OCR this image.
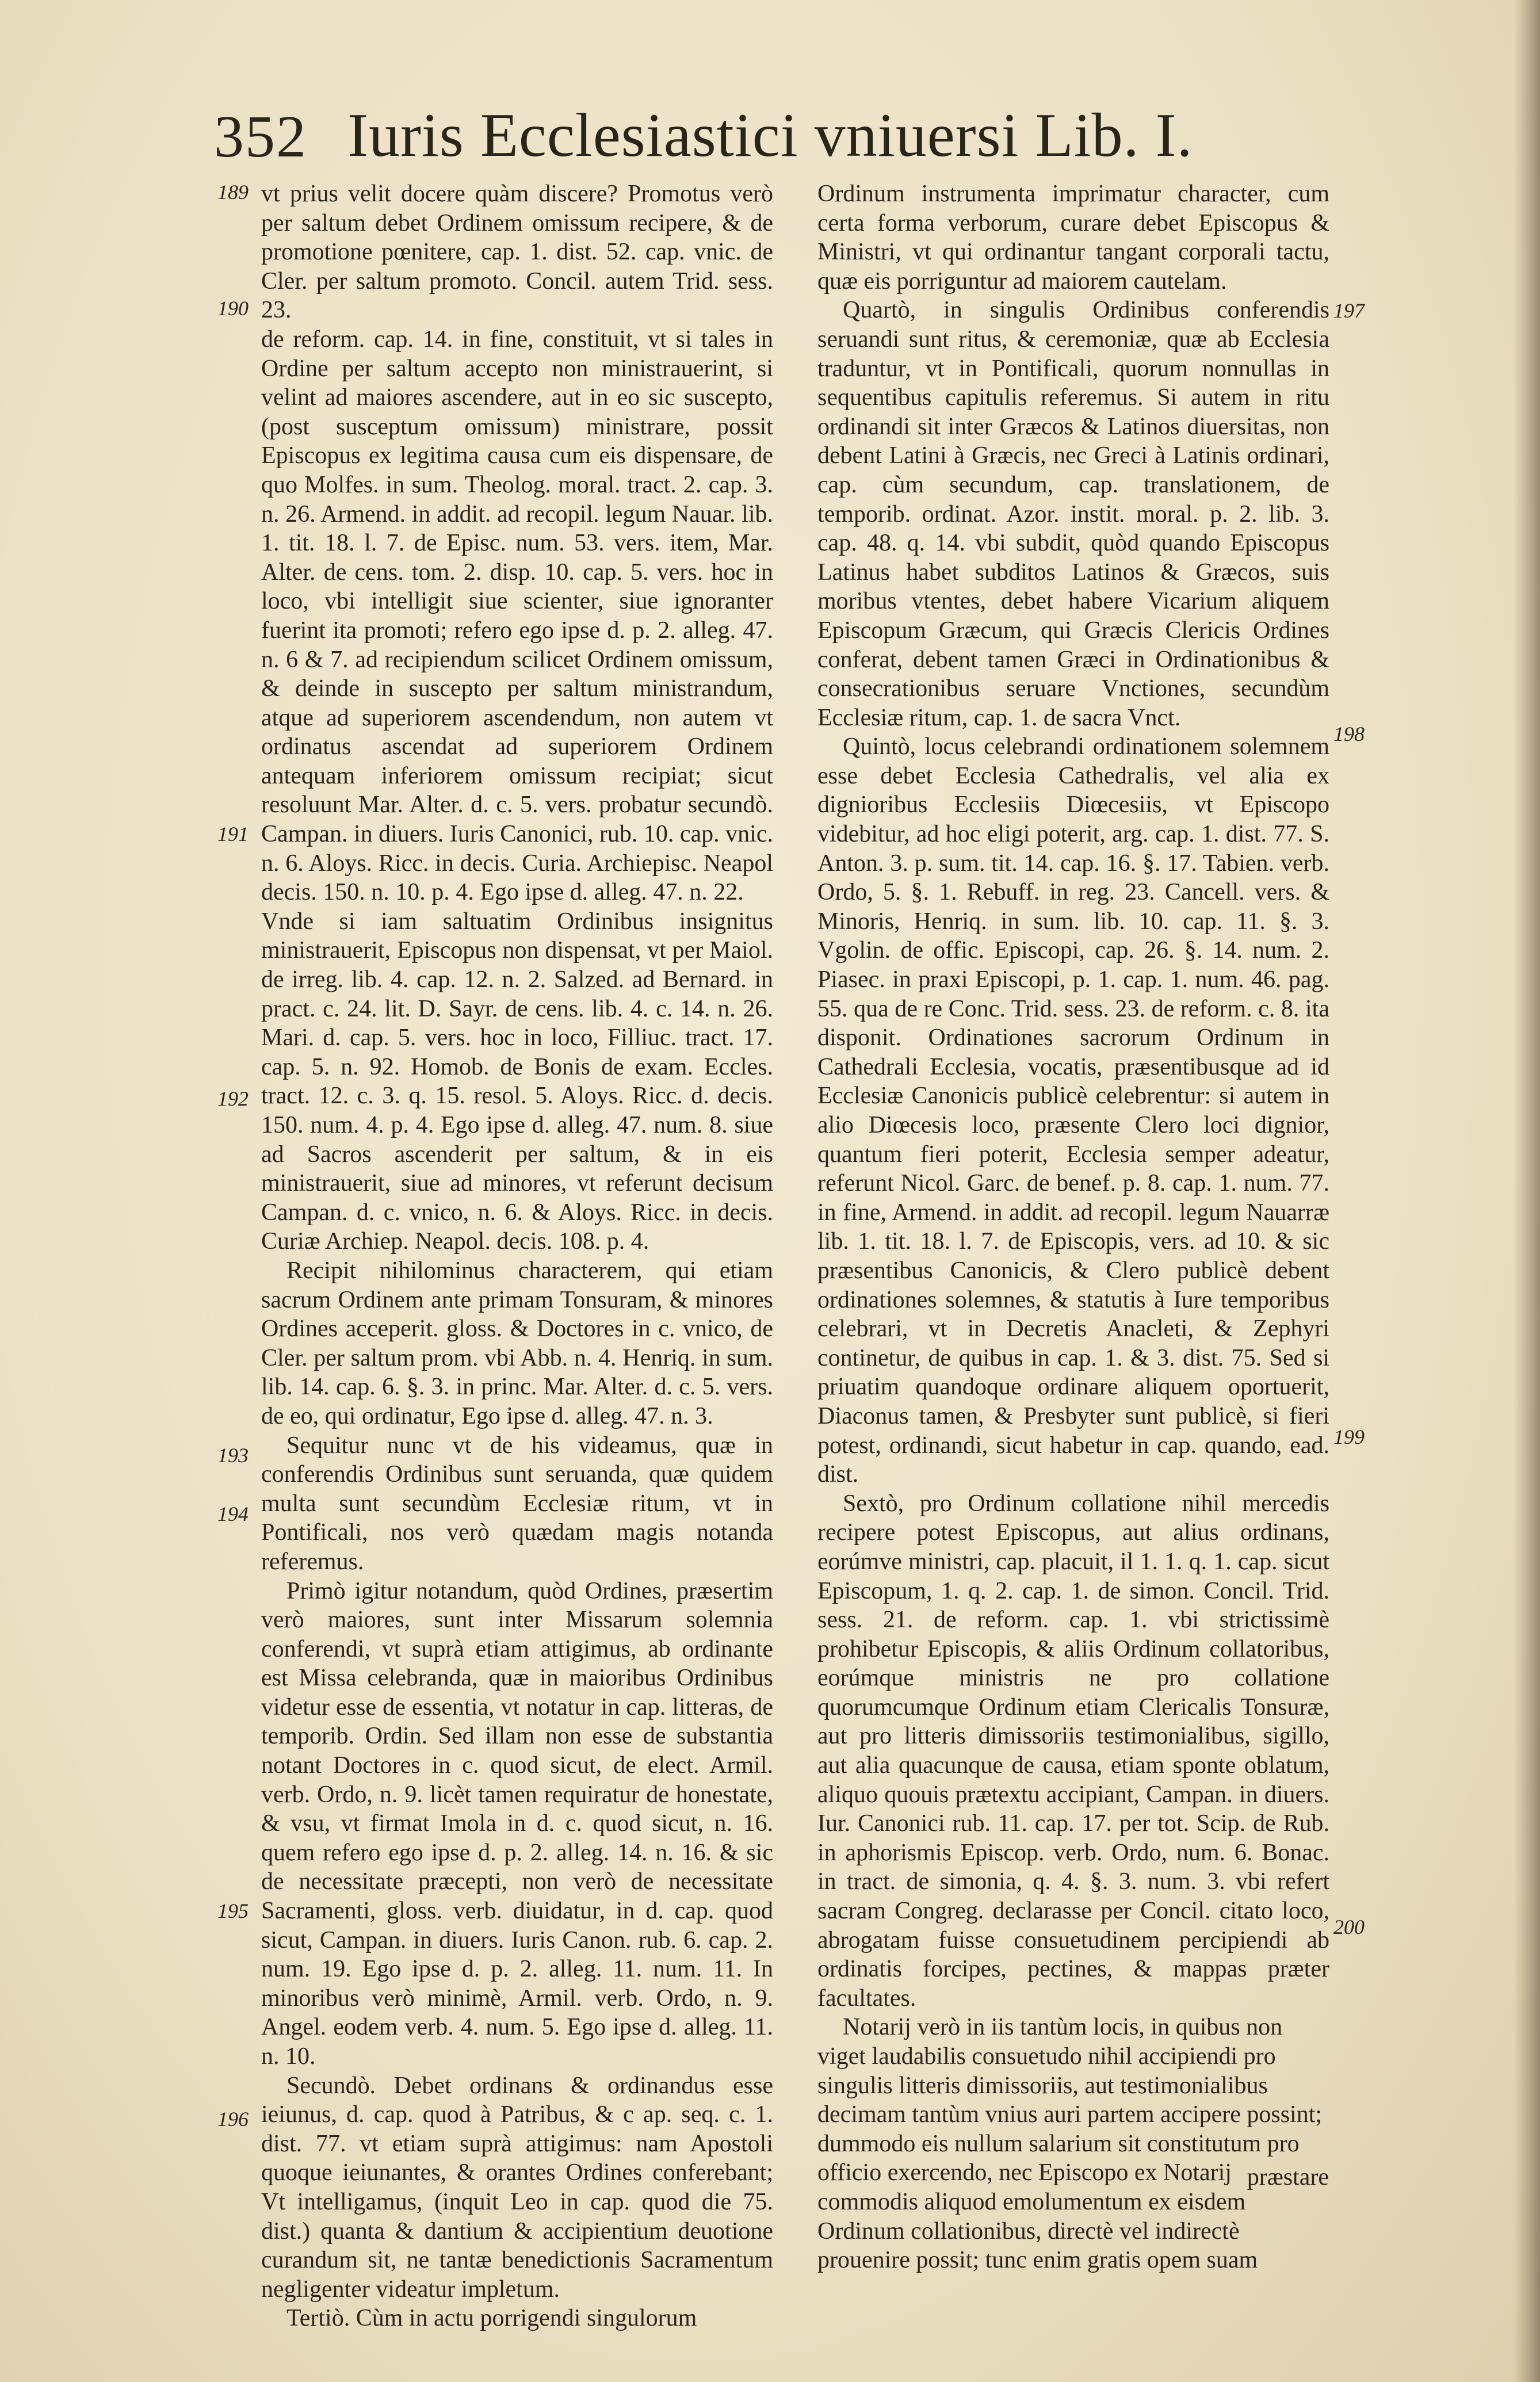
352 Iuris Ecclesiastici vniuersi Lib. I.
189
190
191
192
193
194
195
196
197
198
199
200

vt prius velit docere quàm discere? Promotus verò per saltum debet Ordinem omissum recipere, & de promotione pœnitere, cap. 1. dist. 52. cap. vnic. de Cler. per saltum promoto. Concil. autem Trid. sess. 23.

de reform. cap. 14. in fine, constituit, vt si tales in Ordine per saltum accepto non ministrauerint, si velint ad maiores ascendere, aut in eo sic suscepto, (post susceptum omissum) ministrare, possit Episcopus ex legitima causa cum eis dispensare, de quo Molfes. in sum. Theolog. moral. tract. 2. cap. 3. n. 26. Armend. in addit. ad recopil. legum Nauar. lib. 1. tit. 18. l. 7. de Episc. num. 53. vers. item, Mar. Alter. de cens. tom. 2. disp. 10. cap. 5. vers. hoc in loco, vbi intelligit siue scienter, siue ignoranter fuerint ita promoti; refero ego ipse d. p. 2. alleg. 47. n. 6 & 7. ad recipiendum scilicet Ordinem omissum, & deinde in suscepto per saltum ministrandum, atque ad superiorem ascendendum, non autem vt ordinatus ascendat ad superiorem Ordinem antequam inferiorem omissum recipiat; sicut resoluunt Mar. Alter. d. c. 5. vers. probatur secundò. Campan. in diuers. Iuris Canonici, rub. 10. cap. vnic. n. 6. Aloys. Ricc. in decis. Curia. Archiepisc. Neapol decis. 150. n. 10. p. 4. Ego ipse d. alleg. 47. n. 22.

Vnde si iam saltuatim Ordinibus insignitus ministrauerit, Episcopus non dispensat, vt per Maiol. de irreg. lib. 4. cap. 12. n. 2. Salzed. ad Bernard. in pract. c. 24. lit. D. Sayr. de cens. lib. 4. c. 14. n. 26. Mari. d. cap. 5. vers. hoc in loco, Filliuc. tract. 17. cap. 5. n. 92. Homob. de Bonis de exam. Eccles. tract. 12. c. 3. q. 15. resol. 5. Aloys. Ricc. d. decis. 150. num. 4. p. 4. Ego ipse d. alleg. 47. num. 8. siue ad Sacros ascenderit per saltum, & in eis ministrauerit, siue ad minores, vt referunt decisum Campan. d. c. vnico, n. 6. & Aloys. Ricc. in decis. Curiæ Archiep. Neapol. decis. 108. p. 4.

Recipit nihilominus characterem, qui etiam sacrum Ordinem ante primam Tonsuram, & minores Ordines acceperit. gloss. & Doctores in c. vnico, de Cler. per saltum prom. vbi Abb. n. 4. Henriq. in sum. lib. 14. cap. 6. §. 3. in princ. Mar. Alter. d. c. 5. vers. de eo, qui ordinatur, Ego ipse d. alleg. 47. n. 3.

Sequitur nunc vt de his videamus, quæ in conferendis Ordinibus sunt seruanda, quæ quidem multa sunt secundùm Ecclesiæ ritum, vt in Pontificali, nos verò quædam magis notanda referemus.

Primò igitur notandum, quòd Ordines, præsertim verò maiores, sunt inter Missarum solemnia conferendi, vt suprà etiam attigimus, ab ordinante est Missa celebranda, quæ in maioribus Ordinibus videtur esse de essentia, vt notatur in cap. litteras, de temporib. Ordin. Sed illam non esse de substantia notant Doctores in c. quod sicut, de elect. Armil. verb. Ordo, n. 9. licèt tamen requiratur de honestate, & vsu, vt firmat Imola in d. c. quod sicut, n. 16. quem refero ego ipse d. p. 2. alleg. 14. n. 16. & sic de necessitate præcepti, non verò de necessitate Sacramenti, gloss. verb. diuidatur, in d. cap. quod sicut, Campan. in diuers. Iuris Canon. rub. 6. cap. 2. num. 19. Ego ipse d. p. 2. alleg. 11. num. 11. In minoribus verò minimè, Armil. verb. Ordo, n. 9. Angel. eodem verb. 4. num. 5. Ego ipse d. alleg. 11. n. 10.

Secundò. Debet ordinans & ordinandus esse ieiunus, d. cap. quod à Patribus, & c ap. seq. c. 1. dist. 77. vt etiam suprà attigimus: nam Apostoli quoque ieiunantes, & orantes Ordines conferebant; Vt intelligamus, (inquit Leo in cap. quod die 75. dist.) quanta & dantium & accipientium deuotione curandum sit, ne tantæ benedictionis Sacramentum negligenter videatur impletum.

Tertiò. Cùm in actu porrigendi singulorum

Ordinum instrumenta imprimatur character, cum certa forma verborum, curare debet Episcopus & Ministri, vt qui ordinantur tangant corporali tactu, quæ eis porriguntur ad maiorem cautelam.

Quartò, in singulis Ordinibus conferendis seruandi sunt ritus, & ceremoniæ, quæ ab Ecclesia traduntur, vt in Pontificali, quorum nonnullas in sequentibus capitulis referemus. Si autem in ritu ordinandi sit inter Græcos & Latinos diuersitas, non debent Latini à Græcis, nec Greci à Latinis ordinari, cap. cùm secundum, cap. translationem, de temporib. ordinat. Azor. instit. moral. p. 2. lib. 3. cap. 48. q. 14. vbi subdit, quòd quando Episcopus Latinus habet subditos Latinos & Græcos, suis moribus vtentes, debet habere Vicarium aliquem Episcopum Græcum, qui Græcis Clericis Ordines conferat, debent tamen Græci in Ordinationibus & consecrationibus seruare Vnctiones, secundùm Ecclesiæ ritum, cap. 1. de sacra Vnct.

Quintò, locus celebrandi ordinationem solemnem esse debet Ecclesia Cathedralis, vel alia ex dignioribus Ecclesiis Diœcesiis, vt Episcopo videbitur, ad hoc eligi poterit, arg. cap. 1. dist. 77. S. Anton. 3. p. sum. tit. 14. cap. 16. §. 17. Tabien. verb. Ordo, 5. §. 1. Rebuff. in reg. 23. Cancell. vers. & Minoris, Henriq. in sum. lib. 10. cap. 11. §. 3. Vgolin. de offic. Episcopi, cap. 26. §. 14. num. 2. Piasec. in praxi Episcopi, p. 1. cap. 1. num. 46. pag. 55. qua de re Conc. Trid. sess. 23. de reform. c. 8. ita disponit. Ordinationes sacrorum Ordinum in Cathedrali Ecclesia, vocatis, præsentibusque ad id Ecclesiæ Canonicis publicè celebrentur: si autem in alio Diœcesis loco, præsente Clero loci dignior, quantum fieri poterit, Ecclesia semper adeatur, referunt Nicol. Garc. de benef. p. 8. cap. 1. num. 77. in fine, Armend. in addit. ad recopil. legum Nauarræ lib. 1. tit. 18. l. 7. de Episcopis, vers. ad 10. & sic præsentibus Canonicis, & Clero publicè debent ordinationes solemnes, & statutis à Iure temporibus celebrari, vt in Decretis Anacleti, & Zephyri continetur, de quibus in cap. 1. & 3. dist. 75. Sed si priuatim quandoque ordinare aliquem oportuerit, Diaconus tamen, & Presbyter sunt publicè, si fieri potest, ordinandi, sicut habetur in cap. quando, ead. dist.

Sextò, pro Ordinum collatione nihil mercedis recipere potest Episcopus, aut alius ordinans, eorúmve ministri, cap. placuit, il 1. 1. q. 1. cap. sicut Episcopum, 1. q. 2. cap. 1. de simon. Concil. Trid. sess. 21. de reform. cap. 1. vbi strictissimè prohibetur Episcopis, & aliis Ordinum collatoribus, eorúmque ministris ne pro collatione quorumcumque Ordinum etiam Clericalis Tonsuræ, aut pro litteris dimissoriis testimonialibus, sigillo, aut alia quacunque de causa, etiam sponte oblatum, aliquo quouis prætextu accipiant, Campan. in diuers. Iur. Canonici rub. 11. cap. 17. per tot. Scip. de Rub. in aphorismis Episcop. verb. Ordo, num. 6. Bonac. in tract. de simonia, q. 4. §. 3. num. 3. vbi refert sacram Congreg. declarasse per Concil. citato loco, abrogatam fuisse consuetudinem percipiendi ab ordinatis forcipes, pectines, & mappas præter facultates.

Notarij verò in iis tantùm locis, in quibus non viget laudabilis consuetudo nihil accipiendi pro singulis litteris dimissoriis, aut testimonialibus decimam tantùm vnius auri partem accipere possint; dummodo eis nullum salarium sit constitutum pro officio exercendo, nec Episcopo ex Notarij commodis aliquod emolumentum ex eisdem Ordinum collationibus, directè vel indirectè prouenire possit; tunc enim gratis opem suam

præstare
